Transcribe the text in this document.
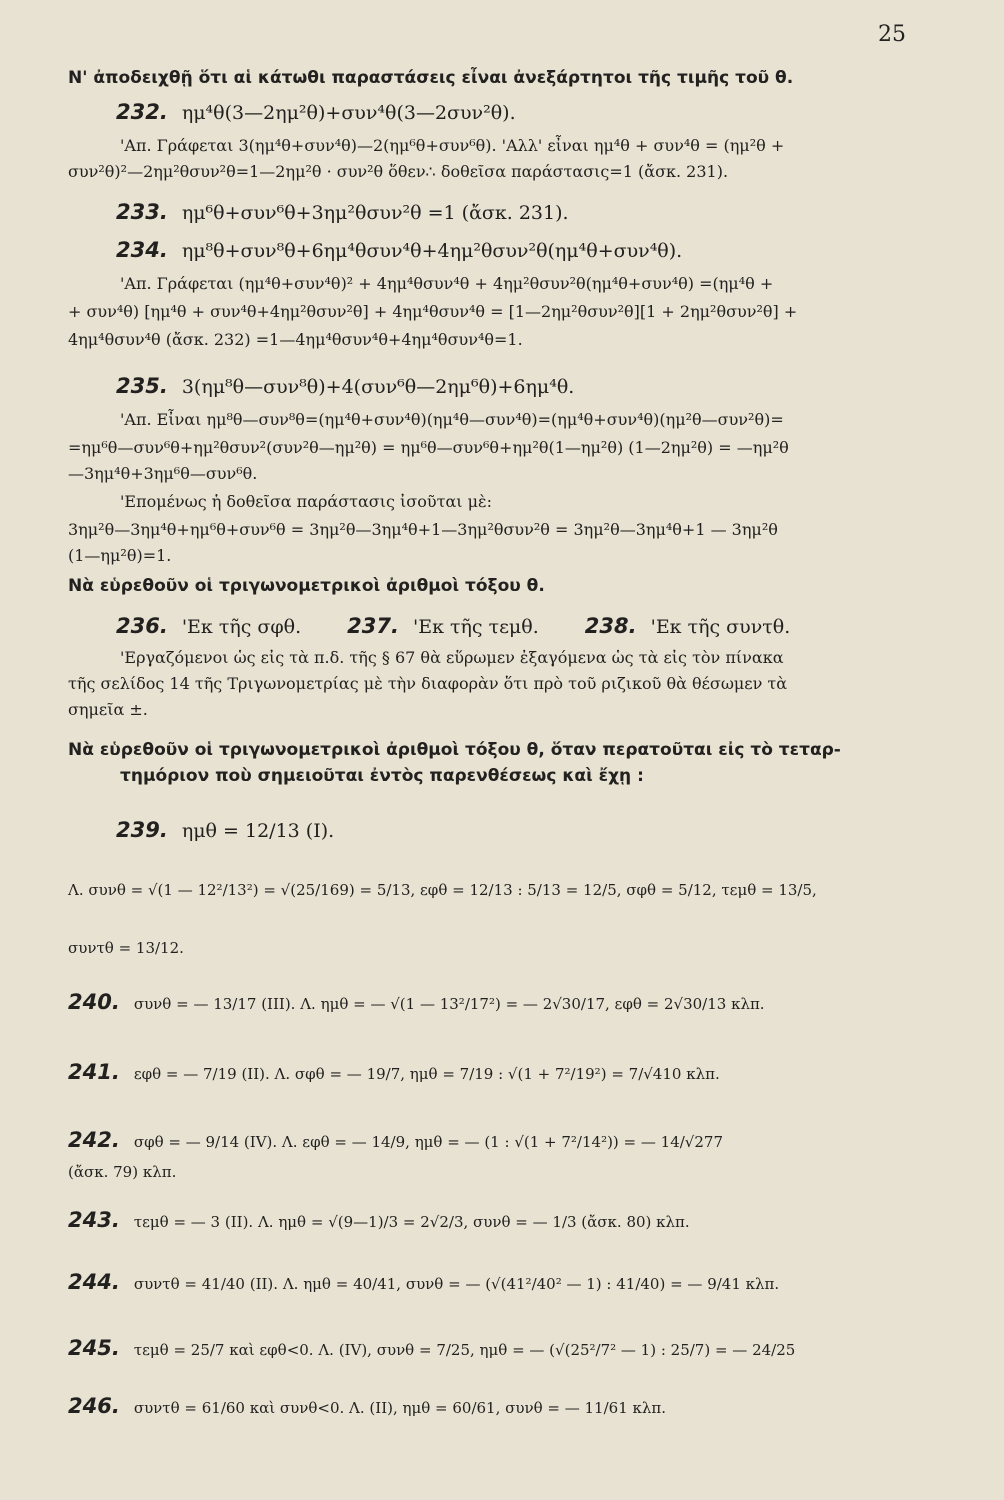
25
Ν' ἀποδειχθῇ ὅτι αἱ κάτωθι παραστάσεις εἶναι ἀνεξάρτητοι τῆς τιμῆς τοῦ θ.
232. ημ⁴θ(3—2ημ²θ)+συν⁴θ(3—2συν²θ).
'Απ. Γράφεται 3(ημ⁴θ+συν⁴θ)—2(ημ⁶θ+συν⁶θ). 'Αλλ' εἶναι ημ⁴θ + συν⁴θ = (ημ²θ +
συν²θ)²—2ημ²θσυν²θ=1—2ημ²θ · συν²θ ὅθεν∴ δοθεῖσα παράστασις=1 (ἄσκ. 231).
233. ημ⁶θ+συν⁶θ+3ημ²θσυν²θ =1 (ἄσκ. 231).
234. ημ⁸θ+συν⁸θ+6ημ⁴θσυν⁴θ+4ημ²θσυν²θ(ημ⁴θ+συν⁴θ).
'Απ. Γράφεται (ημ⁴θ+συν⁴θ)² + 4ημ⁴θσυν⁴θ + 4ημ²θσυν²θ(ημ⁴θ+συν⁴θ) =(ημ⁴θ +
+ συν⁴θ) [ημ⁴θ + συν⁴θ+4ημ²θσυν²θ] + 4ημ⁴θσυν⁴θ = [1—2ημ²θσυν²θ][1 + 2ημ²θσυν²θ] +
4ημ⁴θσυν⁴θ (ἄσκ. 232) =1—4ημ⁴θσυν⁴θ+4ημ⁴θσυν⁴θ=1.
235. 3(ημ⁸θ—συν⁸θ)+4(συν⁶θ—2ημ⁶θ)+6ημ⁴θ.
'Απ. Εἶναι ημ⁸θ—συν⁸θ=(ημ⁴θ+συν⁴θ)(ημ⁴θ—συν⁴θ)=(ημ⁴θ+συν⁴θ)(ημ²θ—συν²θ)=
=ημ⁶θ—συν⁶θ+ημ²θσυν²(συν²θ—ημ²θ) = ημ⁶θ—συν⁶θ+ημ²θ(1—ημ²θ) (1—2ημ²θ) = —ημ²θ
—3ημ⁴θ+3ημ⁶θ—συν⁶θ.
'Επομένως ἡ δοθεῖσα παράστασις ἰσοῦται μὲ:
3ημ²θ—3ημ⁴θ+ημ⁶θ+συν⁶θ = 3ημ²θ—3ημ⁴θ+1—3ημ²θσυν²θ = 3ημ²θ—3ημ⁴θ+1 — 3ημ²θ
(1—ημ²θ)=1.
Νὰ εὑρεθοῦν οἱ τριγωνομετρικοὶ ἀριθμοὶ τόξου θ.
236. 'Εκ τῆς σφθ. 237. 'Εκ τῆς τεμθ. 238. 'Εκ τῆς συντθ.
'Εργαζόμενοι ὡς εἰς τὰ π.δ. τῆς § 67 θὰ εὕρωμεν ἐξαγόμενα ὡς τὰ εἰς τὸν πίνακα
τῆς σελίδος 14 τῆς Τριγωνομετρίας μὲ τὴν διαφορὰν ὅτι πρὸ τοῦ ριζικοῦ θὰ θέσωμεν τὰ
σημεῖα ±.
Νὰ εὑρεθοῦν οἱ τριγωνομετρικοὶ ἀριθμοὶ τόξου θ, ὅταν περατοῦται εἰς τὸ τεταρ-
τημόριον ποὺ σημειοῦται ἐντὸς παρενθέσεως καὶ ἔχῃ :
239. ημθ = 12/13 (I).
Λ. συνθ = √(1 — 12²/13²) = √(25/169) = 5/13, εφθ = 12/13 : 5/13 = 12/5, σφθ = 5/12, τεμθ = 13/5,
συντθ = 13/12.
240. συνθ = — 13/17 (III). Λ. ημθ = — √(1 — 13²/17²) = — 2√30/17, εφθ = 2√30/13 κλπ.
241. εφθ = — 7/19 (II). Λ. σφθ = — 19/7, ημθ = 7/19 : √(1 + 7²/19²) = 7/√410 κλπ.
242. σφθ = — 9/14 (IV). Λ. εφθ = — 14/9, ημθ = — (1 : √(1 + 7²/14²)) = — 14/√277
(ἄσκ. 79) κλπ.
243. τεμθ = — 3 (II). Λ. ημθ = √(9—1)/3 = 2√2/3, συνθ = — 1/3 (ἄσκ. 80) κλπ.
244. συντθ = 41/40 (II). Λ. ημθ = 40/41, συνθ = — (√(41²/40² — 1) : 41/40) = — 9/41 κλπ.
245. τεμθ = 25/7 καὶ εφθ<0. Λ. (IV), συνθ = 7/25, ημθ = — (√(25²/7² — 1) : 25/7) = — 24/25
246. συντθ = 61/60 καὶ συνθ<0. Λ. (II), ημθ = 60/61, συνθ = — 11/61 κλπ.
